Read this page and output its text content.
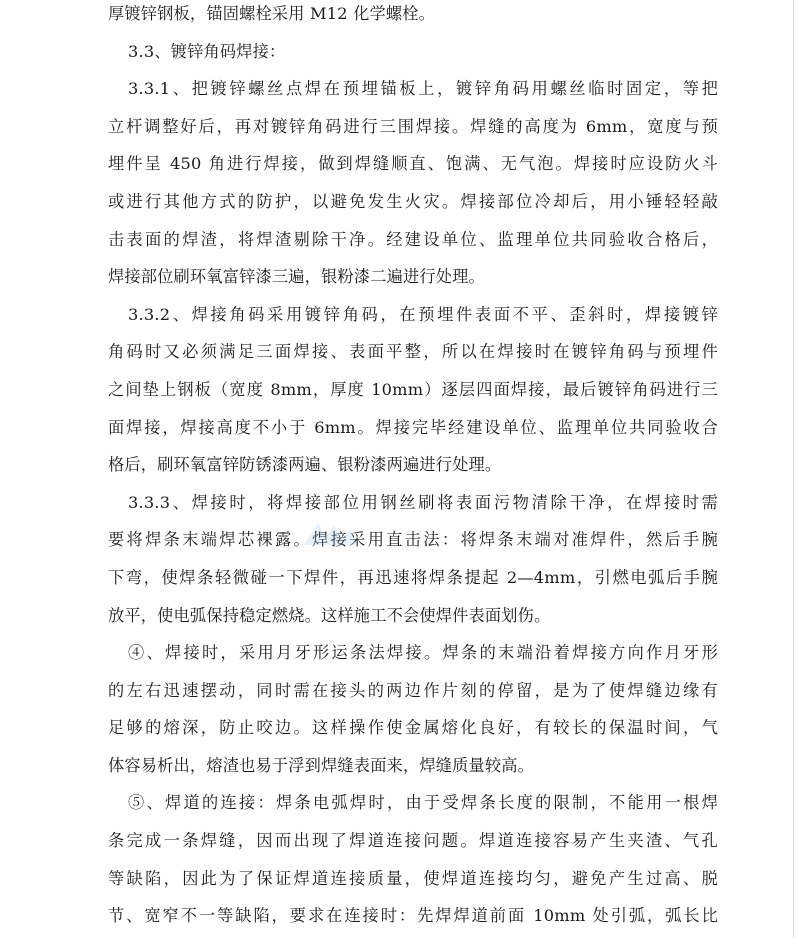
厚镀锌钢板，锚固螺栓采用 M12 化学螺栓。

3.3、镀锌角码焊接：

3.3.1、把镀锌螺丝点焊在预埋锚板上，镀锌角码用螺丝临时固定，等把

立杆调整好后，再对镀锌角码进行三围焊接。焊缝的高度为 6mm，宽度与预

埋件呈 450 角进行焊接，做到焊缝顺直、饱满、无气泡。焊接时应设防火斗

或进行其他方式的防护，以避免发生火灾。焊接部位冷却后，用小锤轻轻敲

击表面的焊渣，将焊渣剔除干净。经建设单位、监理单位共同验收合格后，

焊接部位刷环氧富锌漆三遍，银粉漆二遍进行处理。

3.3.2、焊接角码采用镀锌角码，在预埋件表面不平、歪斜时，焊接镀锌

角码时又必须满足三面焊接、表面平整，所以在焊接时在镀锌角码与预埋件

之间垫上钢板（宽度 8mm，厚度 10mm）逐层四面焊接，最后镀锌角码进行三

面焊接，焊接高度不小于 6mm。焊接完毕经建设单位、监理单位共同验收合

格后，刷环氧富锌防锈漆两遍、银粉漆两遍进行处理。

3.3.3、焊接时，将焊接部位用钢丝刷将表面污物清除干净，在焊接时需

要将焊条末端焊芯裸露。焊接采用直击法：将焊条末端对准焊件，然后手腕

下弯，使焊条轻微碰一下焊件，再迅速将焊条提起 2—4mm，引燃电弧后手腕

放平，使电弧保持稳定燃烧。这样施工不会使焊件表面划伤。

④、焊接时，采用月牙形运条法焊接。焊条的末端沿着焊接方向作月牙形

的左右迅速摆动，同时需在接头的两边作片刻的停留，是为了使焊缝边缘有

足够的熔深，防止咬边。这样操作使金属熔化良好，有较长的保温时间，气

体容易析出，熔渣也易于浮到焊缝表面来，焊缝质量较高。

⑤、焊道的连接：焊条电弧焊时，由于受焊条长度的限制，不能用一根焊

条完成一条焊缝，因而出现了焊道连接问题。焊道连接容易产生夹渣、气孔

等缺陷，因此为了保证焊道连接质量，使焊道连接均匀，避免产生过高、脱

节、宽窄不一等缺陷，要求在连接时：先焊焊道前面 10mm 处引弧，弧长比
